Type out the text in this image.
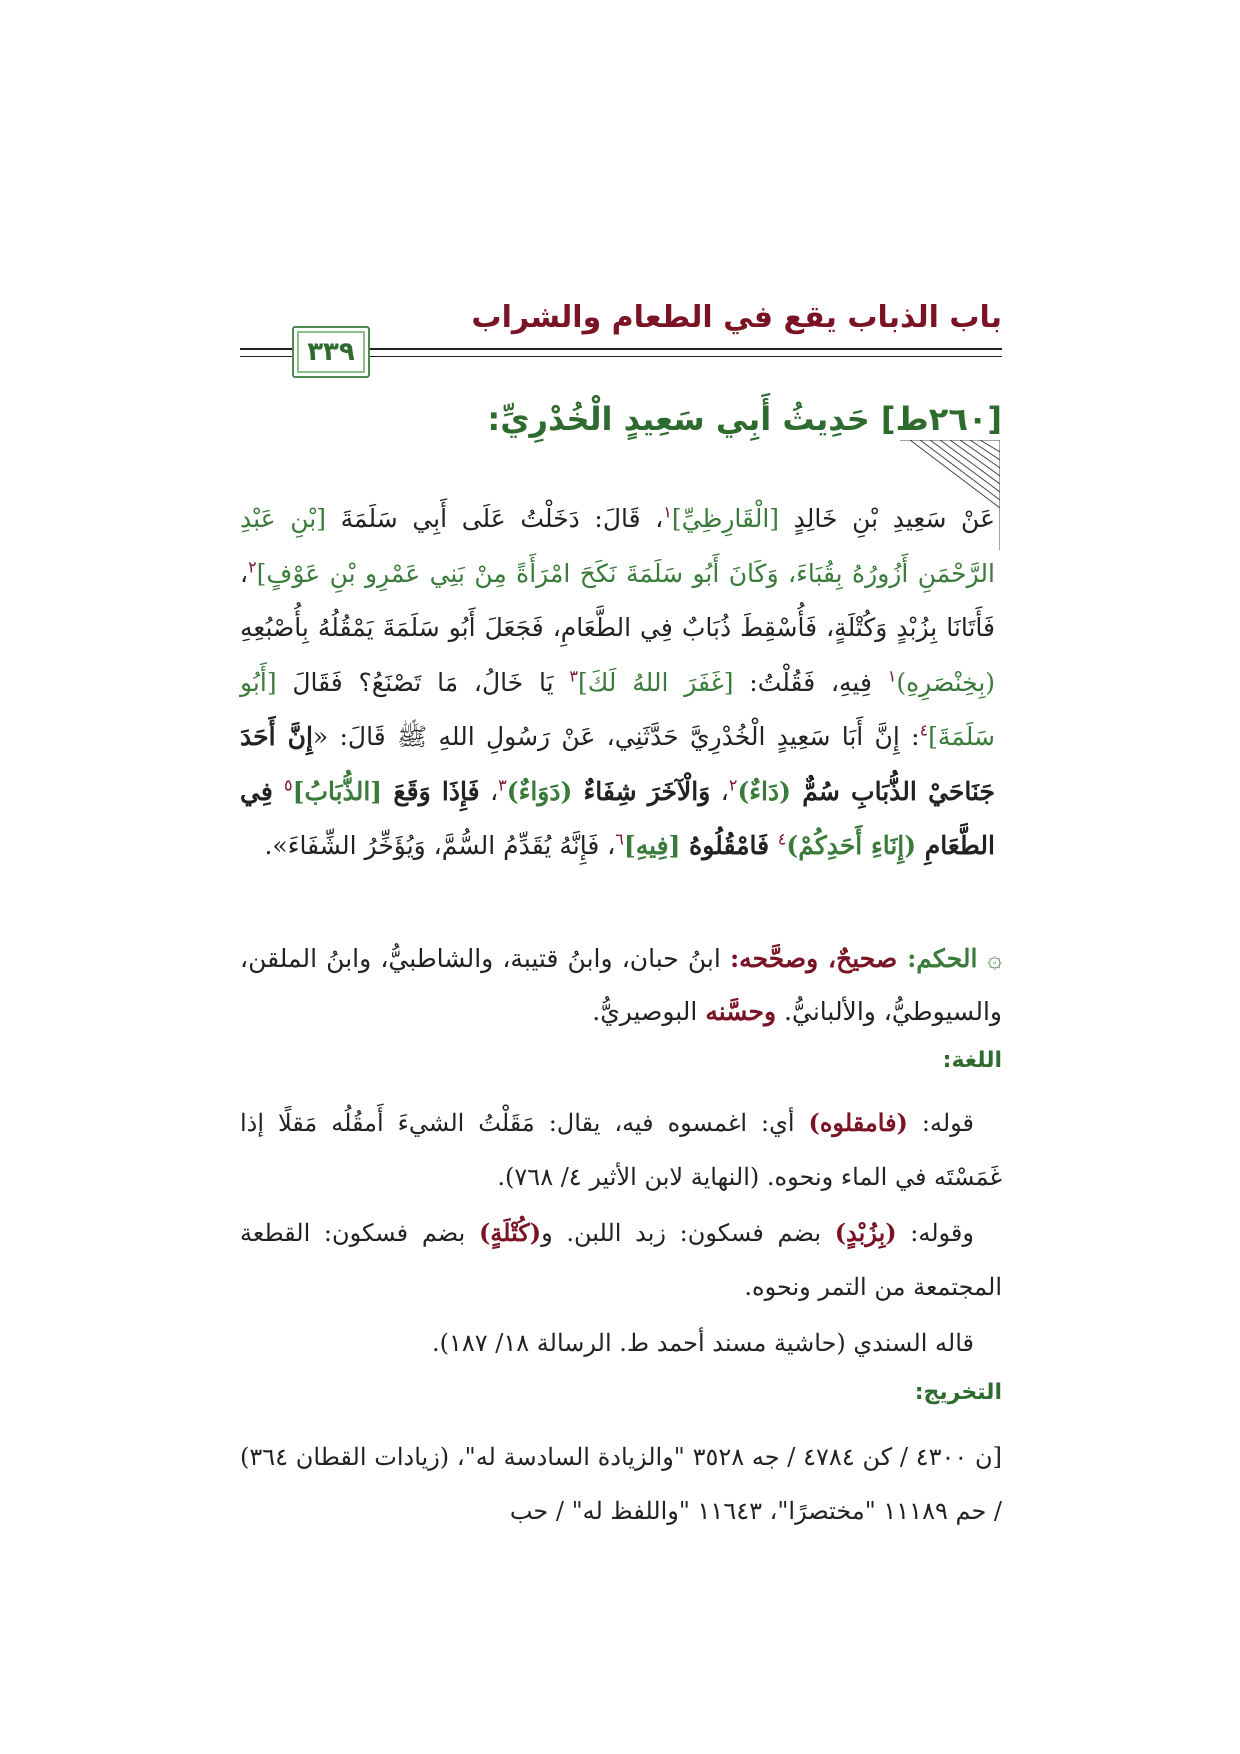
باب الذباب يقع في الطعام والشراب
٣٣٩
[٢٦٠ط] حَدِيثُ أَبِي سَعِيدٍ الْخُدْرِيِّ:
عَنْ سَعِيدِ بْنِ خَالِدٍ [الْقَارِظِيِّ]$^١$، قَالَ: دَخَلْتُ عَلَى أَبِي سَلَمَةَ [بْنِ عَبْدِ الرَّحْمَنِ أَزُورُهُ بِقُبَاءَ، وَكَانَ أَبُو سَلَمَةَ نَكَحَ امْرَأَةً مِنْ بَنِي عَمْرِو بْنِ عَوْفٍ]$^٢$، فَأَتَانَا بِزُبْدٍ وَكُتْلَةٍ، فَأُسْقِطَ ذُبَابٌ فِي الطَّعَامِ، فَجَعَلَ أَبُو سَلَمَةَ يَمْقُلُهُ بِأُصْبُعِهِ (بِخِنْصَرِهِ)$^١$ فِيهِ، فَقُلْتُ: [غَفَرَ اللهُ لَكَ]$^٣$ يَا خَالُ، مَا تَصْنَعُ؟ فَقَالَ [أَبُو سَلَمَةَ]$^٤$: إِنَّ أَبَا سَعِيدٍ الْخُدْرِيَّ حَدَّثَنِي، عَنْ رَسُولِ اللهِ ﷺ قَالَ: «إِنَّ أَحَدَ جَنَاحَيْ الذُّبَابِ سُمٌّ (دَاءٌ)$^٢$، وَالْآخَرَ شِفَاءٌ (دَوَاءٌ)$^٣$، فَإِذَا وَقَعَ [الذُّبَابُ]$^٥$ فِي الطَّعَامِ (إِنَاءِ أَحَدِكُمْ)$^٤$ فَامْقُلُوهُ [فِيهِ]$^٦$، فَإِنَّهُ يُقَدِّمُ السُّمَّ، وَيُؤَخِّرُ الشِّفَاءَ».
۞ الحكم: صحيحٌ، وصحَّحه: ابنُ حبان، وابنُ قتيبة، والشاطبيُّ، وابنُ الملقن، والسيوطيُّ، والألبانيُّ. وحسَّنه البوصيريُّ.
اللغة:
قوله: (فامقلوه) أي: اغمسوه فيه، يقال: مَقَلْتُ الشيءَ أَمقُلُه مَقلًا إذا غَمَسْتَه في الماء ونحوه. (النهاية لابن الأثير ٤/ ٧٦٨).
وقوله: (بِزُبْدٍ) بضم فسكون: زبد اللبن. و(كُتْلَةٍ) بضم فسكون: القطعة المجتمعة من التمر ونحوه.
قاله السندي (حاشية مسند أحمد ط. الرسالة ١٨/ ١٨٧).
التخريج:
[ن ٤٣٠٠ / كن ٤٧٨٤ / جه ٣٥٢٨ "والزيادة السادسة له"، (زيادات القطان ٣٦٤) / حم ١١١٨٩ "مختصرًا"، ١١٦٤٣ "واللفظ له" / حب
